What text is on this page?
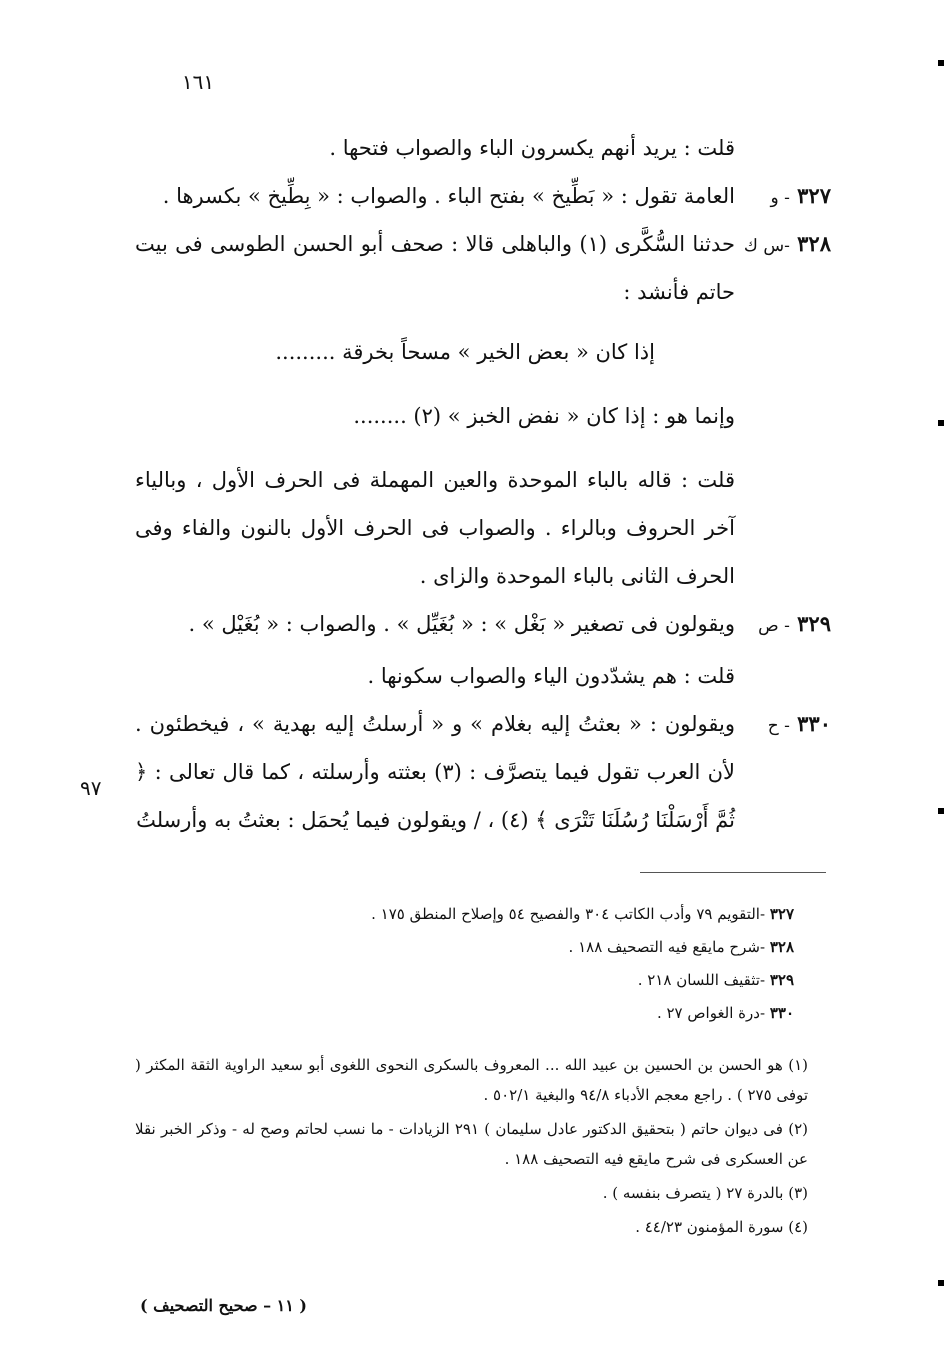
١٦١

قلت : يريد أنهم يكسرون الباء والصواب فتحها .

٣٢٧ - و

العامة تقول : « بَطِّيخ » بفتح الباء . والصواب : « بِطِّيخ » بكسرها .

٣٢٨ -س ك

حدثنا السُّكَّرى (١) والباهلى قالا : صحف أبو الحسن الطوسى فى بيت حاتم فأنشد :

إذا كان « بعض الخير » مسحاً بخرقة .........

وإنما هو : إذا كان « نفض الخبز » (٢) ........

قلت : قاله بالباء الموحدة والعين المهملة فى الحرف الأول ، وبالياء آخر الحروف وبالراء . والصواب فى الحرف الأول بالنون والفاء وفى الحرف الثانى بالباء الموحدة والزاى .

٣٢٩ - ص

ويقولون فى تصغير « بَغْل » : « بُغَيِّل » . والصواب : « بُغَيْل » .

قلت : هم يشدّدون الياء والصواب سكونها .

٣٣٠ - ح

ويقولون : « بعثتُ إليه بغلام » و « أرسلتُ إليه بهدية » ، فيخطئون . لأن العرب تقول فيما يتصرَّف : (٣) بعثته وأرسلته ، كما قال تعالى : ﴿ ثُمَّ أَرْسَلْنَا رُسُلَنَا تَتْرَى ﴾ (٤) ، / ويقولون فيما يُحمَل : بعثتُ به وأرسلتُ

٩٧
٣٢٧ -التقويم ٧٩ وأدب الكاتب ٣٠٤ والفصيح ٥٤ وإصلاح المنطق ١٧٥ .
٣٢٨ -شرح مايقع فيه التصحيف ١٨٨ .
٣٢٩ -تثقيف اللسان ٢١٨ .
٣٣٠ -درة الغواص ٢٧ .

(١) هو الحسن بن الحسين بن عبيد الله ... المعروف بالسكرى النحوى اللغوى أبو سعيد الراوية الثقة المكثر ( توفى ٢٧٥ ) . راجع معجم الأدباء ٩٤/٨ والبغية ٥٠٢/١ .

(٢) فى ديوان حاتم ( بتحقيق الدكتور عادل سليمان ) ٢٩١ الزيادات - ما نسب لحاتم وصح له - وذكر الخبر نقلا عن العسكرى فى شرح مايقع فيه التصحيف ١٨٨ .

(٣) بالدرة ٢٧ ( يتصرف بنفسه ) .

(٤) سورة المؤمنون ٤٤/٢٣ .

( ١١ – صحيح التصحيف )
